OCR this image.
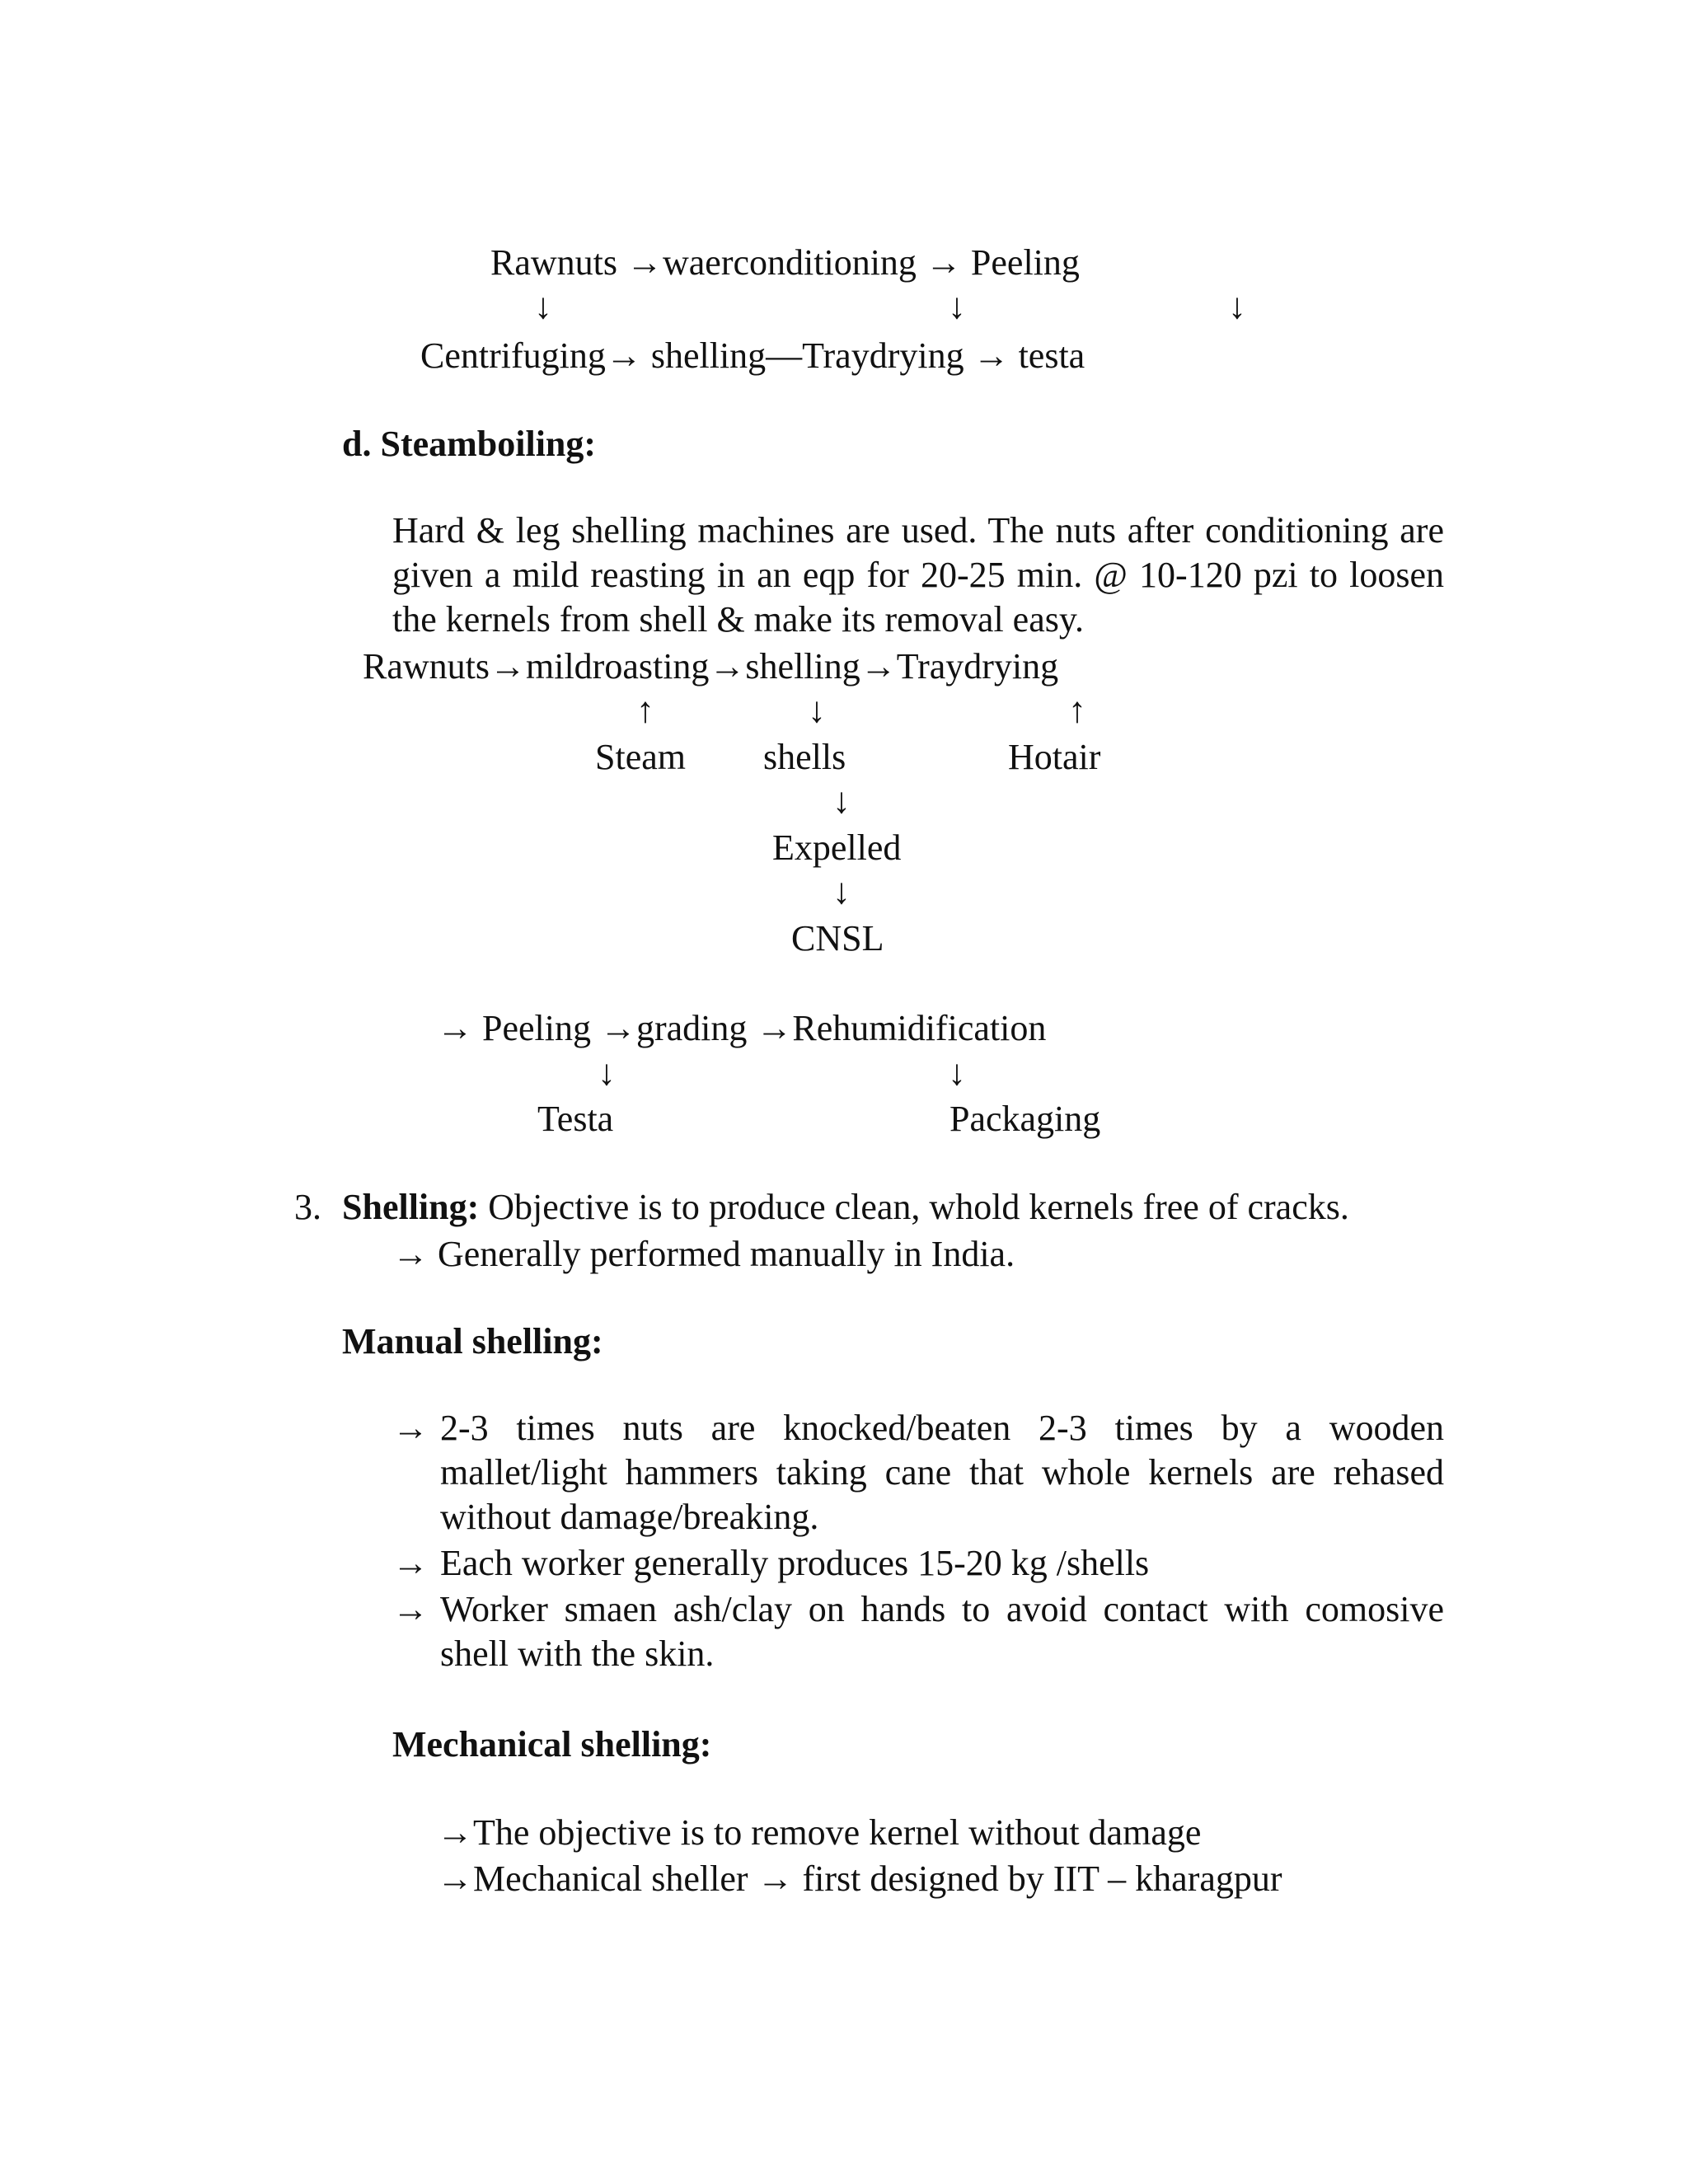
Rawnuts →waerconditioning → Peeling
↓	↓	↓
Centrifuging→ shelling—Traydrying → testa
d. Steamboiling:
Hard & leg shelling machines are used. The nuts after conditioning are given a mild reasting in an eqp for 20-25 min. @ 10-120 pzi to loosen the kernels from shell & make its removal easy.
Rawnuts→mildroasting→shelling→Traydrying
↑	↓	↑
Steam shells	Hotair
↓
Expelled
↓
CNSL
→ Peeling →grading →Rehumidification
↓	↓
Testa	Packaging
3. Shelling: Objective is to produce clean, whold kernels free of cracks.
→ Generally performed manually in India.
Manual shelling:
→ 2-3 times nuts are knocked/beaten 2-3 times by a wooden mallet/light hammers taking cane that whole kernels are rehased without damage/breaking.
→ Each worker generally produces 15-20 kg /shells
→ Worker smaen ash/clay on hands to avoid contact with comosive shell with the skin.
Mechanical shelling:
→The objective is to remove kernel without damage
→Mechanical sheller → first designed by IIT – kharagpur
